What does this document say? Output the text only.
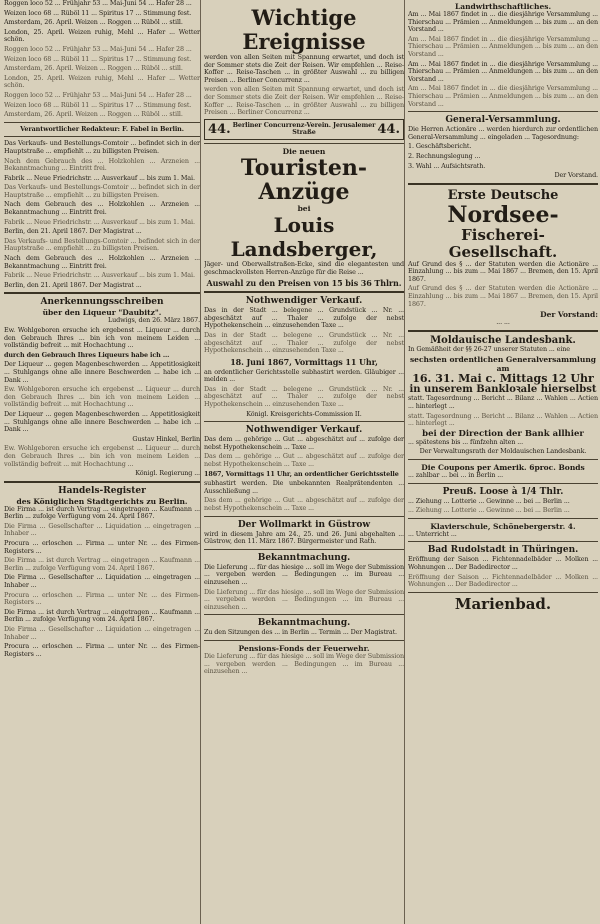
Roggen loco 52 ... Frühjahr 53 ... Mai-Juni 54 ... Hafer 28 ...

Weizen loco 68 ... Rüböl 11 ... Spiritus 17 ... Stimmung fest.

Amsterdam, 26. April. Weizen ... Roggen ... Rüböl ... still.

London, 25. April. Weizen ruhig, Mehl ... Hafer ... Wetter schön.

Roggen loco 52 ... Frühjahr 53 ... Mai-Juni 54 ... Hafer 28 ...

Weizen loco 68 ... Rüböl 11 ... Spiritus 17 ... Stimmung fest.

Amsterdam, 26. April. Weizen ... Roggen ... Rüböl ... still.

London, 25. April. Weizen ruhig, Mehl ... Hafer ... Wetter schön.

Roggen loco 52 ... Frühjahr 53 ... Mai-Juni 54 ... Hafer 28 ...

Weizen loco 68 ... Rüböl 11 ... Spiritus 17 ... Stimmung fest.

Amsterdam, 26. April. Weizen ... Roggen ... Rüböl ... still.

Verantwortlicher Redakteur: F. Fabel in Berlin.

Das Verkaufs- und Bestellungs-Comtoir ... befindet sich in der Hauptstraße ... empfiehlt ... zu billigsten Preisen.

Nach dem Gebrauch des ... Holzkohlen ... Arzneien ... Bekanntmachung ... Eintritt frei.

Fabrik ... Neue Friedrichstr. ... Ausverkauf ... bis zum 1. Mai.

Das Verkaufs- und Bestellungs-Comtoir ... befindet sich in der Hauptstraße ... empfiehlt ... zu billigsten Preisen.

Nach dem Gebrauch des ... Holzkohlen ... Arzneien ... Bekanntmachung ... Eintritt frei.

Fabrik ... Neue Friedrichstr. ... Ausverkauf ... bis zum 1. Mai.

Berlin, den 21. April 1867. Der Magistrat ...

Das Verkaufs- und Bestellungs-Comtoir ... befindet sich in der Hauptstraße ... empfiehlt ... zu billigsten Preisen.

Nach dem Gebrauch des ... Holzkohlen ... Arzneien ... Bekanntmachung ... Eintritt frei.

Fabrik ... Neue Friedrichstr. ... Ausverkauf ... bis zum 1. Mai.

Berlin, den 21. April 1867. Der Magistrat ...

Anerkennungsschreiben
über den Liqueur "Daubitz".

Ludwigs, den 26. März 1867.

Ew. Wohlgeboren ersuche ich ergebenst ... Liqueur ... durch den Gebrauch Ihres ... bin ich von meinem Leiden ... vollständig befreit ... mit Hochachtung ...

durch den Gebrauch Ihres Liqueurs habe ich ...

Der Liqueur ... gegen Magenbeschwerden ... Appetitlosigkeit ... Stuhlgangs ohne alle innere Beschwerden ... habe ich ... Dank ...

Ew. Wohlgeboren ersuche ich ergebenst ... Liqueur ... durch den Gebrauch Ihres ... bin ich von meinem Leiden ... vollständig befreit ... mit Hochachtung ...

Der Liqueur ... gegen Magenbeschwerden ... Appetitlosigkeit ... Stuhlgangs ohne alle innere Beschwerden ... habe ich ... Dank ...

Gustav Hinkel, Berlin

Ew. Wohlgeboren ersuche ich ergebenst ... Liqueur ... durch den Gebrauch Ihres ... bin ich von meinem Leiden ... vollständig befreit ... mit Hochachtung ...

Königl. Regierung ...

Handels-Register
des Königlichen Stadtgerichts zu Berlin.

Die Firma ... ist durch Vertrag ... eingetragen ... Kaufmann ... Berlin ... zufolge Verfügung vom 24. April 1867.

Die Firma ... Gesellschafter ... Liquidation ... eingetragen ... Inhaber ...

Procura ... erloschen ... Firma ... unter Nr. ... des Firmen-Registers ...

Die Firma ... ist durch Vertrag ... eingetragen ... Kaufmann ... Berlin ... zufolge Verfügung vom 24. April 1867.

Die Firma ... Gesellschafter ... Liquidation ... eingetragen ... Inhaber ...

Procura ... erloschen ... Firma ... unter Nr. ... des Firmen-Registers ...

Die Firma ... ist durch Vertrag ... eingetragen ... Kaufmann ... Berlin ... zufolge Verfügung vom 24. April 1867.

Die Firma ... Gesellschafter ... Liquidation ... eingetragen ... Inhaber ...

Procura ... erloschen ... Firma ... unter Nr. ... des Firmen-Registers ...

Wichtige Ereignisse

werden von allen Seiten mit Spannung erwartet, und doch ist der Sommer stets die Zeit der Reisen. Wir empfehlen ... Reise-Koffer ... Reise-Taschen ... in größter Auswahl ... zu billigen Preisen ... Berliner Concurrenz ...

werden von allen Seiten mit Spannung erwartet, und doch ist der Sommer stets die Zeit der Reisen. Wir empfehlen ... Reise-Koffer ... Reise-Taschen ... in größter Auswahl ... zu billigen Preisen ... Berliner Concurrenz ...

44. Berliner Concurrenz-Verein. Jerusalemer Straße	44.
Die neuen
Touristen-Anzüge
bei
Louis Landsberger,

Jäger- und Oberwallstraßen-Ecke, sind die elegantesten und geschmackvollsten Herren-Anzüge für die Reise ...

Auswahl zu den Preisen von 15 bis 36 Thlrn.

Nothwendiger Verkauf.

Das in der Stadt ... belegene ... Grundstück ... Nr. ... abgeschätzt auf ... Thaler ... zufolge der nebst Hypothekenschein ... einzusehenden Taxe ...

Das in der Stadt ... belegene ... Grundstück ... Nr. ... abgeschätzt auf ... Thaler ... zufolge der nebst Hypothekenschein ... einzusehenden Taxe ...

18. Juni 1867, Vormittags 11 Uhr,

an ordentlicher Gerichtsstelle subhastirt werden. Gläubiger ... melden ...

Das in der Stadt ... belegene ... Grundstück ... Nr. ... abgeschätzt auf ... Thaler ... zufolge der nebst Hypothekenschein ... einzusehenden Taxe ...

Königl. Kreisgerichts-Commission II.

Nothwendiger Verkauf.

Das dem ... gehörige ... Gut ... abgeschätzt auf ... zufolge der nebst Hypothekenschein ... Taxe ...

Das dem ... gehörige ... Gut ... abgeschätzt auf ... zufolge der nebst Hypothekenschein ... Taxe ...

1867, Vormittags 11 Uhr, an ordentlicher Gerichtsstelle

subhastirt werden. Die unbekannten Realprätendenten ... Ausschließung ...

Das dem ... gehörige ... Gut ... abgeschätzt auf ... zufolge der nebst Hypothekenschein ... Taxe ...

Der Wollmarkt in Güstrow

wird in diesem Jahre am 24., 25. und 26. Juni abgehalten ... Güstrow, den 11. März 1867. Bürgermeister und Rath.

Bekanntmachung.

Die Lieferung ... für das hiesige ... soll im Wege der Submission ... vergeben werden ... Bedingungen ... im Bureau ... einzusehen ...

Die Lieferung ... für das hiesige ... soll im Wege der Submission ... vergeben werden ... Bedingungen ... im Bureau ... einzusehen ...

Bekanntmachung.

Zu den Sitzungen des ... in Berlin ... Termin ... Der Magistrat.

Pensions-Fonds der Feuerwehr.

Die Lieferung ... für das hiesige ... soll im Wege der Submission ... vergeben werden ... Bedingungen ... im Bureau ... einzusehen ...

Landwirthschaftliches.

Am ... Mai 1867 findet in ... die diesjährige Versammlung ... Thierschau ... Prämien ... Anmeldungen ... bis zum ... an den Vorstand ...

Am ... Mai 1867 findet in ... die diesjährige Versammlung ... Thierschau ... Prämien ... Anmeldungen ... bis zum ... an den Vorstand ...

Am ... Mai 1867 findet in ... die diesjährige Versammlung ... Thierschau ... Prämien ... Anmeldungen ... bis zum ... an den Vorstand ...

Am ... Mai 1867 findet in ... die diesjährige Versammlung ... Thierschau ... Prämien ... Anmeldungen ... bis zum ... an den Vorstand ...

General-Versammlung.

Die Herren Actionäre ... werden hierdurch zur ordentlichen General-Versammlung ... eingeladen ... Tagesordnung:

1. Geschäftsbericht.

2. Rechnungslegung ...

3. Wahl ... Aufsichtsrath.

Der Vorstand.

Erste Deutsche
Nordsee-
Fischerei-Gesellschaft.

Auf Grund des § ... der Statuten werden die Actionäre ... Einzahlung ... bis zum ... Mai 1867 ... Bremen, den 15. April 1867.

Auf Grund des § ... der Statuten werden die Actionäre ... Einzahlung ... bis zum ... Mai 1867 ... Bremen, den 15. April 1867.

Der Vorstand:

... ...

Moldauische Landesbank.

In Gemäßheit der §§ 26-27 unserer Statuten ... eine

sechsten ordentlichen Generalversammlung
am
16. 31. Mai c. Mittags 12 Uhr
in unserem Bankloꝛale hierselbst

statt. Tagesordnung ... Bericht ... Bilanz ... Wahlen ... Actien ... hinterlegt ...

statt. Tagesordnung ... Bericht ... Bilanz ... Wahlen ... Actien ... hinterlegt ...

bei der Direction der Bank allhier

... spätestens bis ... fünfzehn alten ...

Der Verwaltungsrath der Moldauischen Landesbank.

Die Coupons per Amerik. 6proc. Bonds

... zahlbar ... bei ... in Berlin ...

Preuß. Loose à 1/4 Thlr.

... Ziehung ... Lotterie ... Gewinne ... bei ... Berlin ...

... Ziehung ... Lotterie ... Gewinne ... bei ... Berlin ...

Klavierschule, Schönebergerstr. 4.

... Unterricht ...

Bad Rudolstadt in Thüringen.

Eröffnung der Saison ... Fichtennadelbäder ... Molken ... Wohnungen ... Der Badedirector ...

Eröffnung der Saison ... Fichtennadelbäder ... Molken ... Wohnungen ... Der Badedirector ...

Marienbad.
